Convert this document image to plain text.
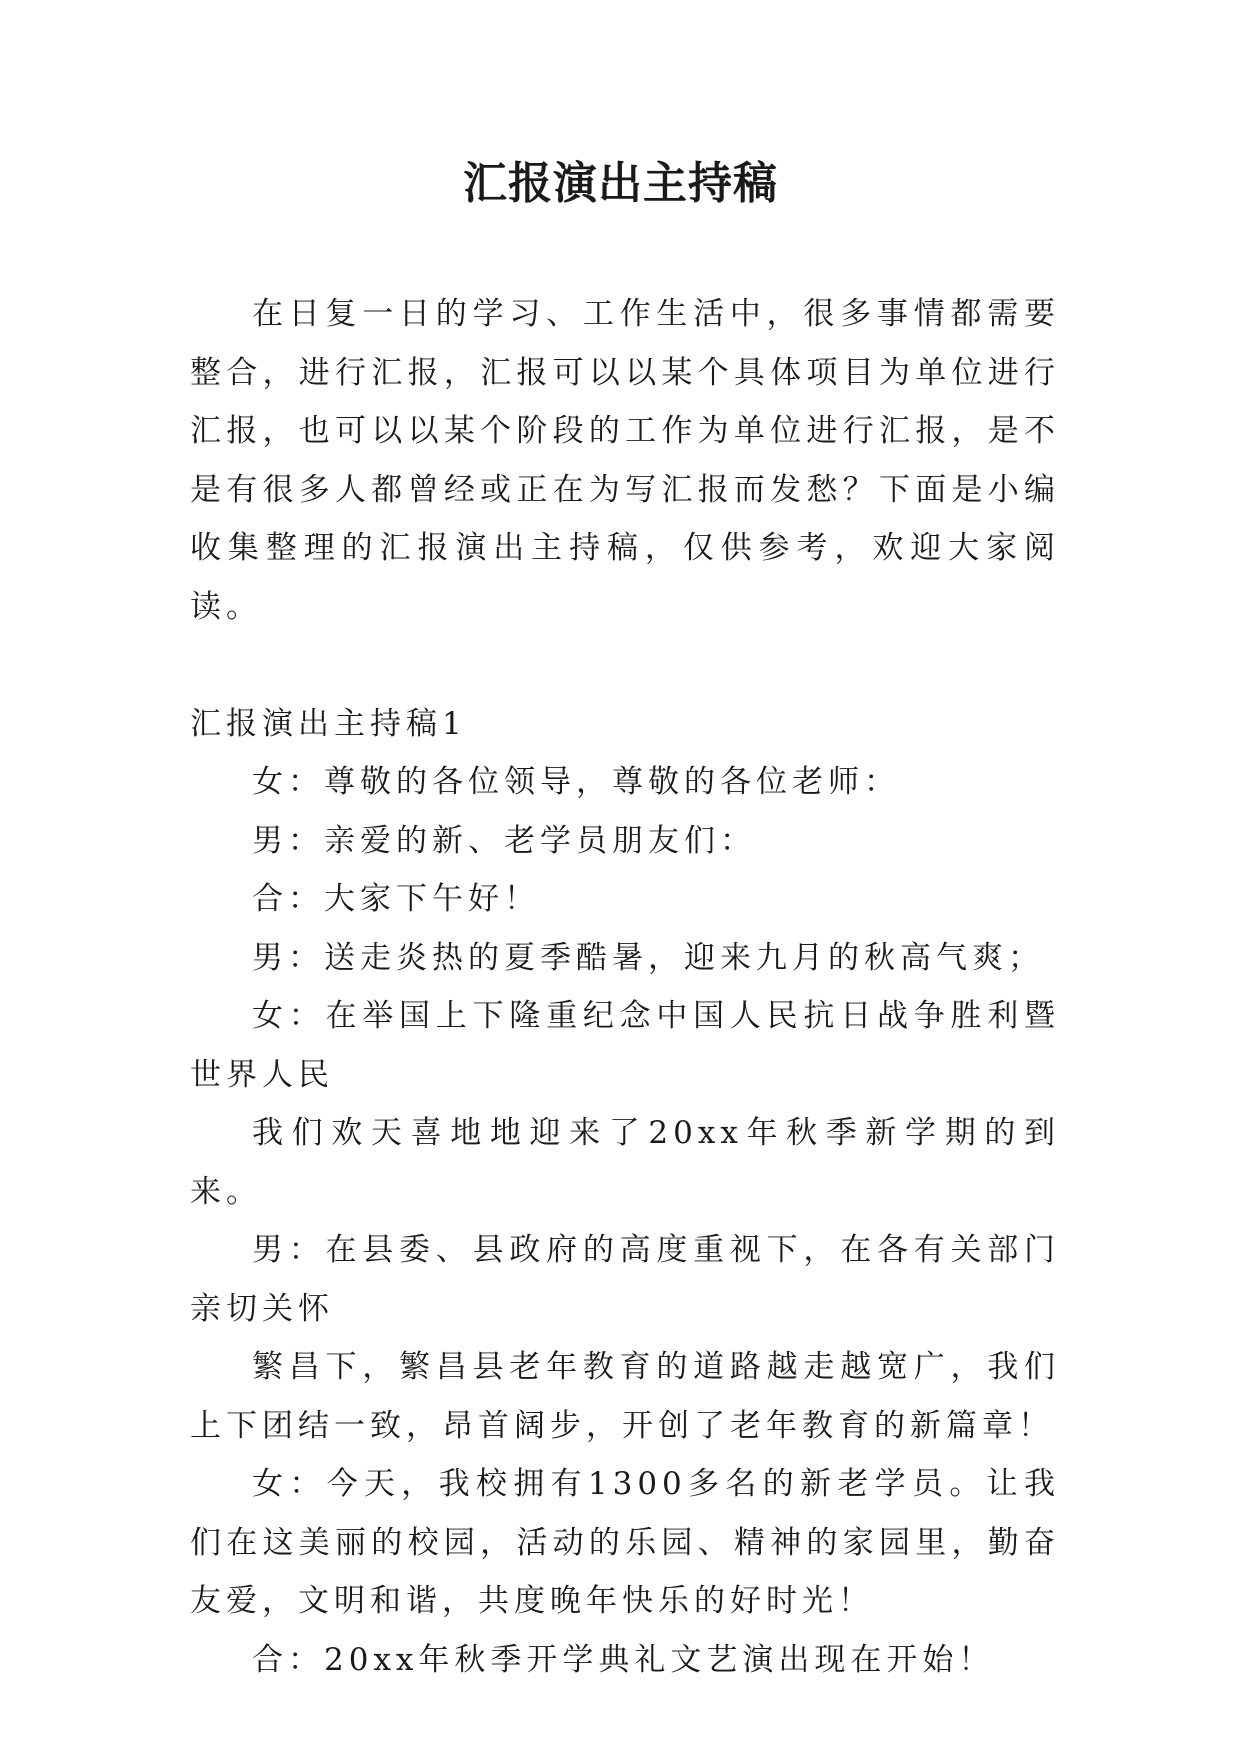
汇报演出主持稿

在日复一日的学习、工作生活中，很多事情都需要整合，进行汇报，汇报可以以某个具体项目为单位进行汇报，也可以以某个阶段的工作为单位进行汇报，是不是有很多人都曾经或正在为写汇报而发愁？下面是小编收集整理的汇报演出主持稿，仅供参考，欢迎大家阅读。

汇报演出主持稿1

女：尊敬的各位领导，尊敬的各位老师：

男：亲爱的新、老学员朋友们：

合：大家下午好！

男：送走炎热的夏季酷暑，迎来九月的秋高气爽；

女：在举国上下隆重纪念中国人民抗日战争胜利暨世界人民

我们欢天喜地地迎来了20xx年秋季新学期的到来。

男：在县委、县政府的高度重视下，在各有关部门亲切关怀

繁昌下，繁昌县老年教育的道路越走越宽广，我们上下团结一致，昂首阔步，开创了老年教育的新篇章！

女：今天，我校拥有1300多名的新老学员。让我们在这美丽的校园，活动的乐园、精神的家园里，勤奋友爱，文明和谐，共度晚年快乐的好时光！

合：20xx年秋季开学典礼文艺演出现在开始！
